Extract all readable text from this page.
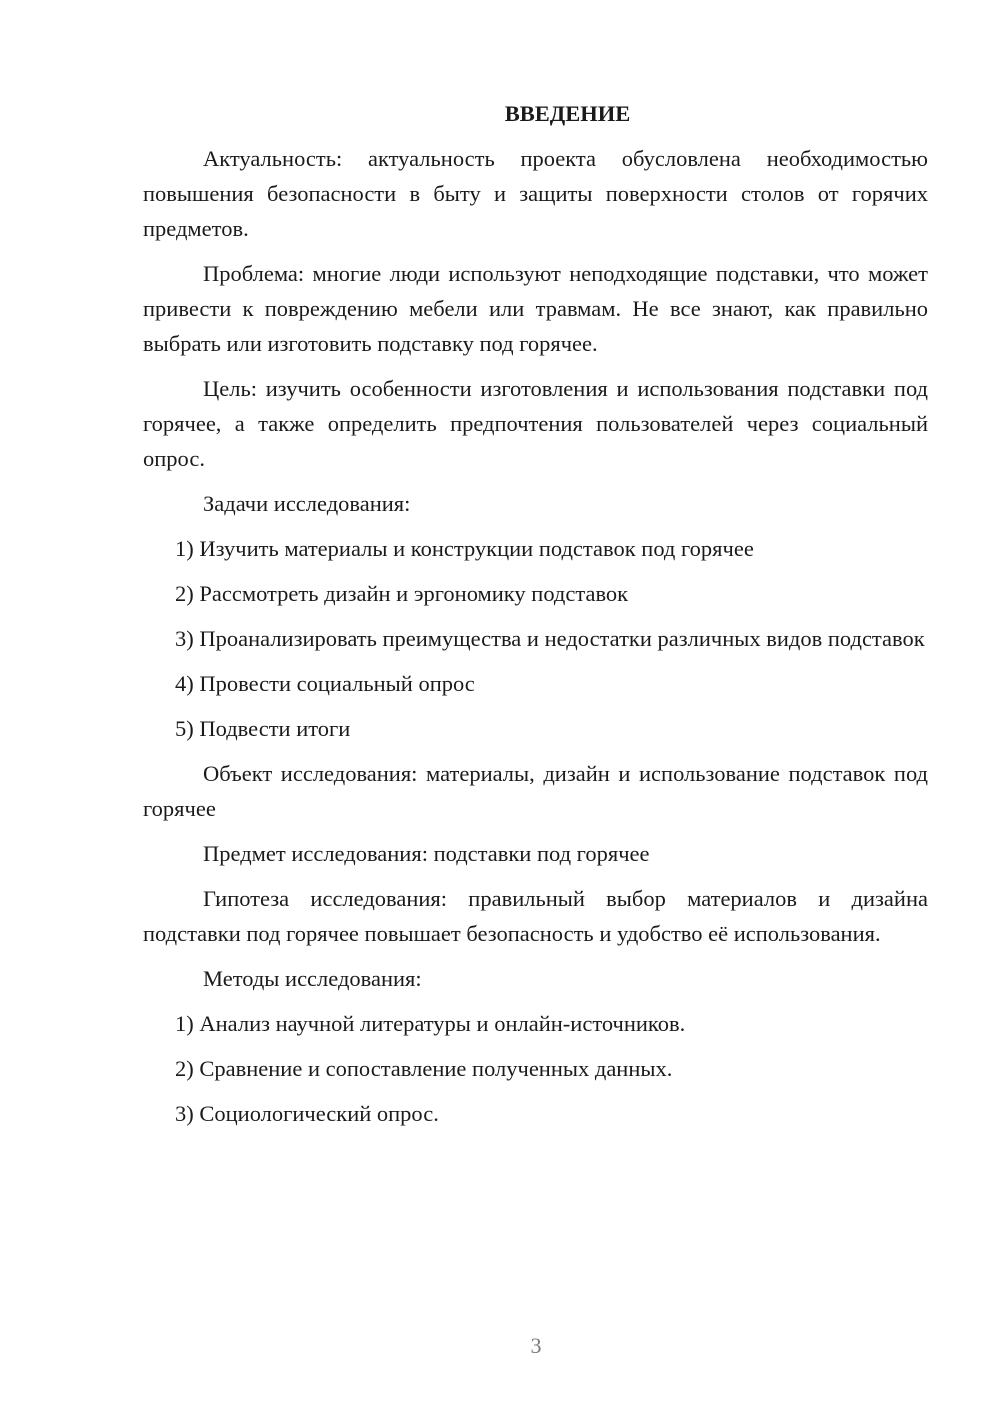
ВВЕДЕНИЕ

Актуальность: актуальность проекта обусловлена необходимостью повышения безопасности в быту и защиты поверхности столов от горячих предметов.

Проблема: многие люди используют неподходящие подставки, что может привести к повреждению мебели или травмам. Не все знают, как правильно выбрать или изготовить подставку под горячее.

Цель: изучить особенности изготовления и использования подставки под горячее, а также определить предпочтения пользователей через социальный опрос.

Задачи исследования:

1) Изучить материалы и конструкции подставок под горячее

2) Рассмотреть дизайн и эргономику подставок

3) Проанализировать преимущества и недостатки различных видов подставок

4) Провести социальный опрос

5) Подвести итоги

Объект исследования: материалы, дизайн и использование подставок под горячее

Предмет исследования: подставки под горячее

Гипотеза исследования: правильный выбор материалов и дизайна подставки под горячее повышает безопасность и удобство её использования.

Методы исследования:

1) Анализ научной литературы и онлайн-источников.

2) Сравнение и сопоставление полученных данных.

3) Социологический опрос.

3
